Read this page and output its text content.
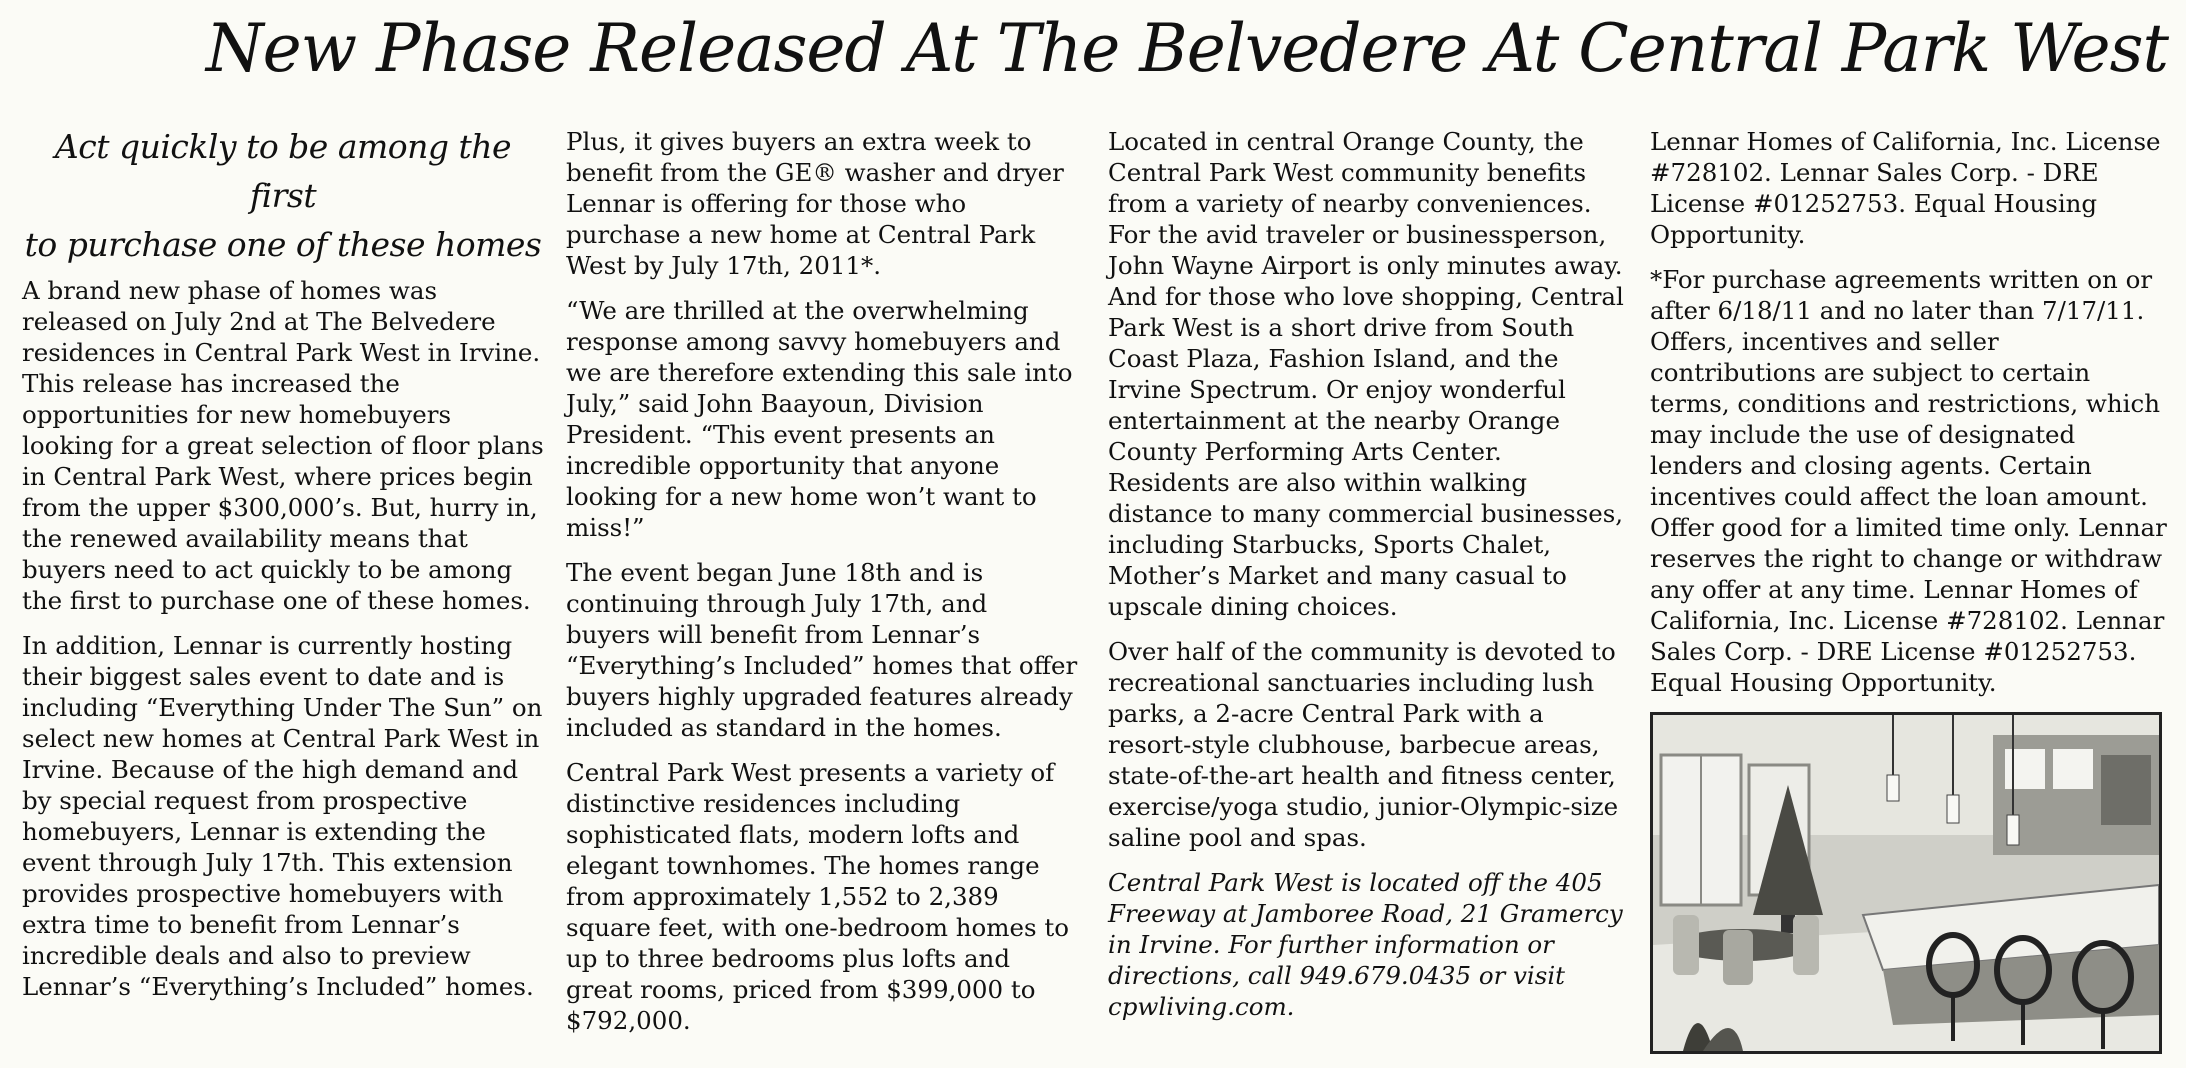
New Phase Released At The Belvedere At Central Park West
Act quickly to be among the first
to purchase one of these homes

A brand new phase of homes was released on July 2nd at The Belvedere residences in Central Park West in Irvine. This release has increased the opportunities for new homebuyers looking for a great selection of floor plans in Central Park West, where prices begin from the upper $300,000’s. But, hurry in, the renewed availability means that buyers need to act quickly to be among the first to purchase one of these homes.

In addition, Lennar is currently hosting their biggest sales event to date and is including “Everything Under The Sun” on select new homes at Central Park West in Irvine. Because of the high demand and by special request from prospective homebuyers, Lennar is extending the event through July 17th. This extension provides prospective homebuyers with extra time to benefit from Lennar’s incredible deals and also to preview Lennar’s “Everything’s Included” homes.

Plus, it gives buyers an extra week to benefit from the GE® washer and dryer Lennar is offering for those who purchase a new home at Central Park West by July 17th, 2011*.

“We are thrilled at the overwhelming response among savvy homebuyers and we are therefore extending this sale into July,” said John Baayoun, Division President. “This event presents an incredible opportunity that anyone looking for a new home won’t want to miss!”

The event began June 18th and is continuing through July 17th, and buyers will benefit from Lennar’s “Everything’s Included” homes that offer buyers highly upgraded features already included as standard in the homes.

Central Park West presents a variety of distinctive residences including sophisticated flats, modern lofts and elegant townhomes. The homes range from approximately 1,552 to 2,389 square feet, with one-bedroom homes to up to three bedrooms plus lofts and great rooms, priced from $399,000 to $792,000.

Located in central Orange County, the Central Park West community benefits from a variety of nearby conveniences. For the avid traveler or businessperson, John Wayne Airport is only minutes away. And for those who love shopping, Central Park West is a short drive from South Coast Plaza, Fashion Island, and the Irvine Spectrum. Or enjoy wonderful entertainment at the nearby Orange County Performing Arts Center. Residents are also within walking distance to many commercial businesses, including Starbucks, Sports Chalet, Mother’s Market and many casual to upscale dining choices.

Over half of the community is devoted to recreational sanctuaries including lush parks, a 2-acre Central Park with a resort-style clubhouse, barbecue areas, state-of-the-art health and fitness center, exercise/yoga studio, junior-Olympic-size saline pool and spas.

Central Park West is located off the 405 Freeway at Jamboree Road, 21 Gramercy in Irvine. For further information or directions, call 949.679.0435 or visit cpwliving.com.

Lennar Homes of California, Inc. License #728102. Lennar Sales Corp. - DRE License #01252753. Equal Housing Opportunity.

*For purchase agreements written on or after 6/18/11 and no later than 7/17/11. Offers, incentives and seller contributions are subject to certain terms, conditions and restrictions, which may include the use of designated lenders and closing agents. Certain incentives could affect the loan amount. Offer good for a limited time only. Lennar reserves the right to change or withdraw any offer at any time. Lennar Homes of California, Inc. License #728102. Lennar Sales Corp. - DRE License #01252753. Equal Housing Opportunity.
